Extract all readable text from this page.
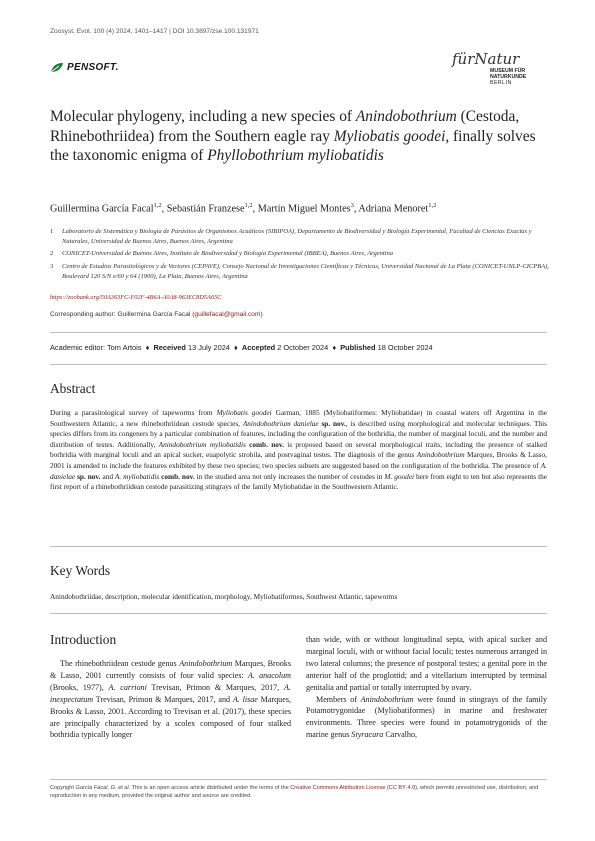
Zoosyst. Evol. 100 (4) 2024, 1401–1417 | DOI 10.3897/zse.100.131971
PENSOFT.	fürNatur
MUSEUM FÜR
NATURKUNDE
BERLIN
Molecular phylogeny, including a new species of Anindobothrium (Cestoda, Rhinebothriidea) from the Southern eagle ray Myliobatis goodei, finally solves the taxonomic enigma of Phyllobothrium myliobatidis
Guillermina García Facal$^{1,2}$, Sebastián Franzese$^{1,2}$, Martín Miguel Montes$^3$, Adriana Menoret$^{1,2}$
1	Laboratorio de Sistemática y Biología de Parásitos de Organismos Acuáticos (SIBIPOA), Departamento de Biodiversidad y Biología Experimental, Facultad de Ciencias Exactas y Naturales, Universidad de Buenos Aires, Buenos Aires, Argentina
2	CONICET-Universidad de Buenos Aires, Instituto de Biodiversidad y Biología Experimental (IBBEA), Buenos Aires, Argentina
3	Centro de Estudios Parasitológicos y de Vectores (CEPAVE), Consejo Nacional de Investigaciones Científicas y Técnicas, Universidad Nacional de La Plata (CONICET-UNLP-CICPBA), Boulevard 120 S/N e/60 y 64 (1900), La Plata, Buenos Aires, Argentina
https://zoobank.org/50A363FC-F02F-4B6A-A0A8-963EC8D5A65C
Corresponding author: Guillermina García Facal (guillefacal@gmail.com)
Academic editor: Tom Artois ♦ Received 13 July 2024 ♦ Accepted 2 October 2024 ♦ Published 18 October 2024
Abstract
During a parasitological survey of tapeworms from Myliobatis goodei Garman, 1885 (Myliobatiformes: Myliobatidae) in coastal waters off Argentina in the Southwestern Atlantic, a new rhinebothriidean cestode species, Anindobothrium danielae sp. nov., is described using morphological and molecular techniques. This species differs from its congeners by a particular combination of features, including the configuration of the bothridia, the number of marginal loculi, and the number and distribution of testes. Additionally, Anindobothrium myliobatidis comb. nov. is proposed based on several morphological traits, including the presence of stalked bothridia with marginal loculi and an apical sucker, euapolytic strobila, and postvaginal testes. The diagnosis of the genus Anindobothrium Marques, Brooks & Lasso, 2001 is amended to include the features exhibited by these two species; two species subsets are suggested based on the configuration of the bothridia. The presence of A. danielae sp. nov. and A. myliobatidis comb. nov. in the studied area not only increases the number of cestodes in M. goodei here from eight to ten but also represents the first report of a rhinebothriidean cestode parasitizing stingrays of the family Myliobatidae in the Southwestern Atlantic.
Key Words
Anindobothriidae, description, molecular identification, morphology, Myliobatiformes, Southwest Atlantic, tapeworms
Introduction

The rhinebothriidean cestode genus Anindobothrium Marques, Brooks & Lasso, 2001 currently consists of four valid species: A. anacolum (Brooks, 1977), A. carrioni Trevisan, Primon & Marques, 2017, A. inexpectatum Trevisan, Primon & Marques, 2017, and A. lisae Marques, Brooks & Lasso, 2001. According to Trevisan et al. (2017), these species are principally characterized by a scolex composed of four stalked bothridia typically longer

than wide, with or without longitudinal septa, with apical sucker and marginal loculi, with or without facial loculi; testes numerous arranged in two lateral columns; the presence of postporal testes; a genital pore in the anterior half of the proglottid; and a vitellarium interrupted by terminal genitalia and partial or totally interrupted by ovary.

Members of Anindobothrium were found in stingrays of the family Potamotrygonidae (Myliobatiformes) in marine and freshwater environments. Three species were found in potamotrygonids of the marine genus Styracura Carvalho,

Copyright García Facal, G. et al. This is an open access article distributed under the terms of the Creative Commons Attribution License (CC BY 4.0), which permits unrestricted use, distribution, and reproduction in any medium, provided the original author and source are credited.
